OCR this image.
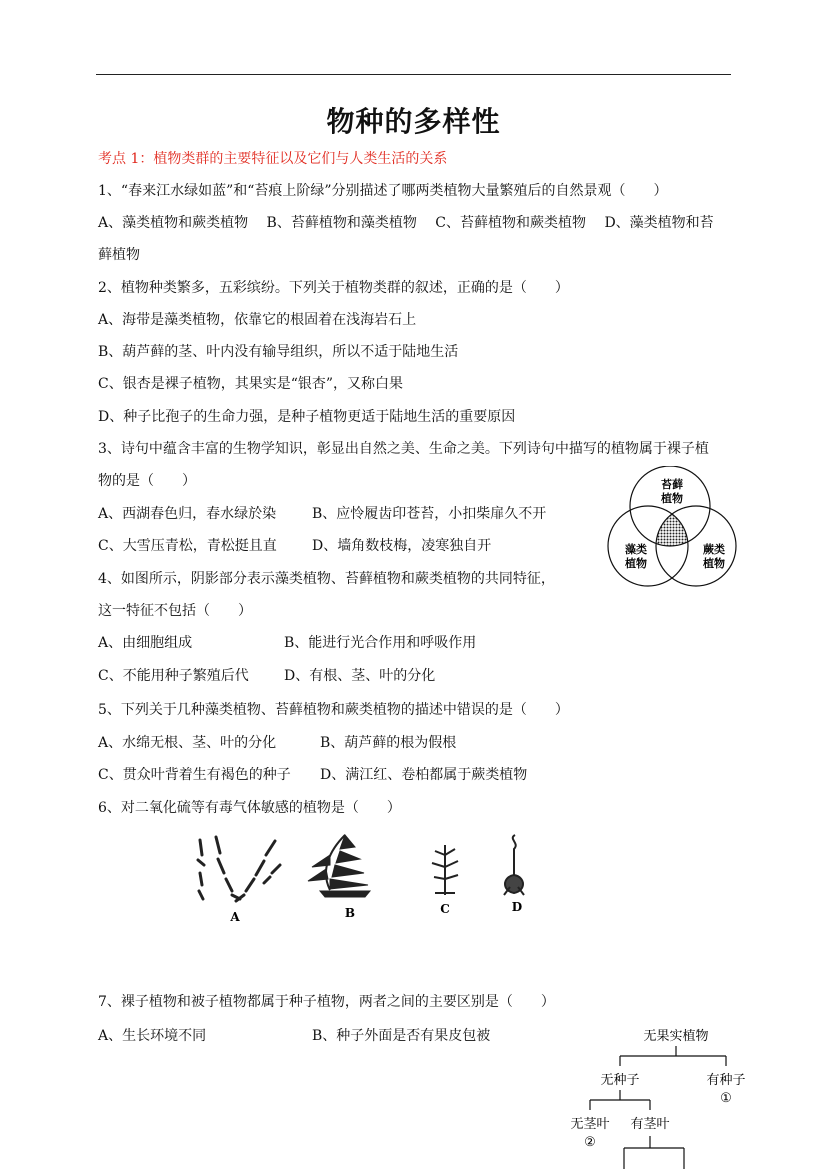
物种的多样性
考点 1：植物类群的主要特征以及它们与人类生活的关系
1、“春来江水绿如蓝”和“苔痕上阶绿”分别描述了哪两类植物大量繁殖后的自然景观（　　）
A、藻类植物和蕨类植物　 B、苔藓植物和藻类植物　 C、苔藓植物和蕨类植物　 D、藻类植物和苔
藓植物
2、植物种类繁多，五彩缤纷。下列关于植物类群的叙述，正确的是（　　）
A、海带是藻类植物，依靠它的根固着在浅海岩石上
B、葫芦藓的茎、叶内没有输导组织，所以不适于陆地生活
C、银杏是裸子植物，其果实是“银杏”，又称白果
D、种子比孢子的生命力强，是种子植物更适于陆地生活的重要原因
3、诗句中蕴含丰富的生物学知识，彰显出自然之美、生命之美。下列诗句中描写的植物属于裸子植
物的是（　　）
A、西湖春色归，春水绿於染	B、应怜履齿印苍苔，小扣柴扉久不开
C、大雪压青松，青松挺且直	D、墙角数枝梅，凌寒独自开
4、如图所示，阴影部分表示藻类植物、苔藓植物和蕨类植物的共同特征，
这一特征不包括（　　）
A、由细胞组成	B、能进行光合作用和呼吸作用
C、不能用种子繁殖后代	D、有根、茎、叶的分化
苔藓
植物
藻类
植物
蕨类
植物
5、下列关于几种藻类植物、苔藓植物和蕨类植物的描述中错误的是（　　）
A、水绵无根、茎、叶的分化	B、葫芦藓的根为假根
C、贯众叶背着生有褐色的种子 D、满江红、卷柏都属于蕨类植物
6、对二氧化硫等有毒气体敏感的植物是（　　）
A	B	C	D
7、裸子植物和被子植物都属于种子植物，两者之间的主要区别是（　　）
A、生长环境不同	B、种子外面是否有果皮包被	无果实植物
无种子	有种子
①
无茎叶 有茎叶
②
